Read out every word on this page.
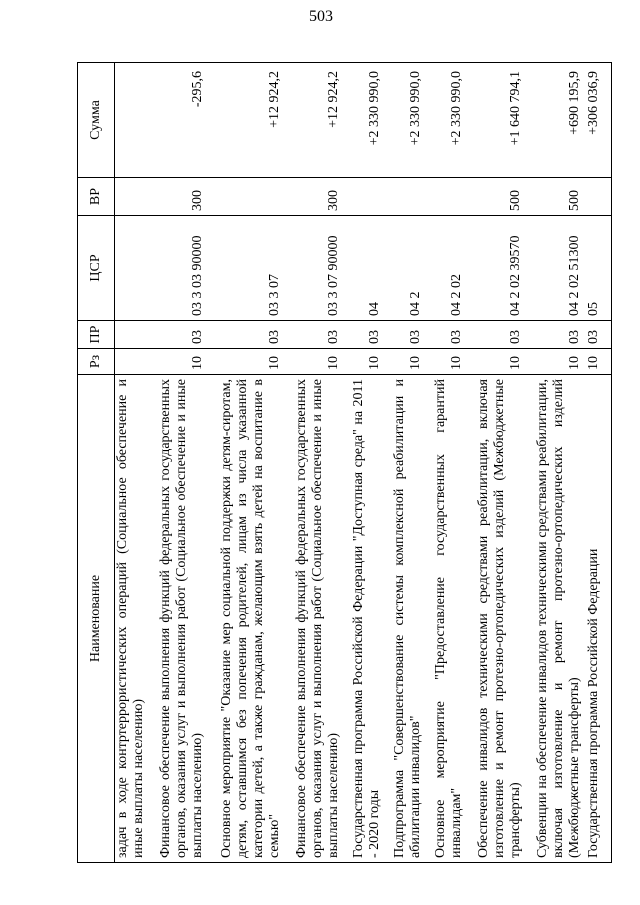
503
Наименование	Рз	ПР	ЦСР	ВР	Сумма
задач в ходе контртеррористических операций (Социальное обеспечение и иные выплаты населению)					
Финансовое обеспечение выполнения функций федеральных государственных органов, оказания услуг и выполнения работ (Социальное обеспечение и иные выплаты населению)	10	03	03 3 03 90000	300	-295,6
Основное мероприятие "Оказание мер социальной поддержки детям-сиротам, детям, оставшимся без попечения родителей, лицам из числа указанной категории детей, а также гражданам, желающим взять детей на воспитание в семью"	10	03	03 3 07		+12 924,2
Финансовое обеспечение выполнения функций федеральных государственных органов, оказания услуг и выполнения работ (Социальное обеспечение и иные выплаты населению)	10	03	03 3 07 90000	300	+12 924,2
Государственная программа Российской Федерации "Доступная среда" на 2011 - 2020 годы	10	03	04		+2 330 990,0
Подпрограмма "Совершенствование системы комплексной реабилитации и абилитации инвалидов"	10	03	04 2		+2 330 990,0
Основное мероприятие "Предоставление государственных гарантий инвалидам"	10	03	04 2 02		+2 330 990,0
Обеспечение инвалидов техническими средствами реабилитации, включая изготовление и ремонт протезно-ортопедических изделий (Межбюджетные трансферты)	10	03	04 2 02 39570	500	+1 640 794,1
Субвенции на обеспечение инвалидов техническими средствами реабилитации, включая изготовление и ремонт протезно-ортопедических изделий (Межбюджетные трансферты)	10	03	04 2 02 51300	500	+690 195,9
Государственная программа Российской Федерации	10	03	05		+306 036,9
